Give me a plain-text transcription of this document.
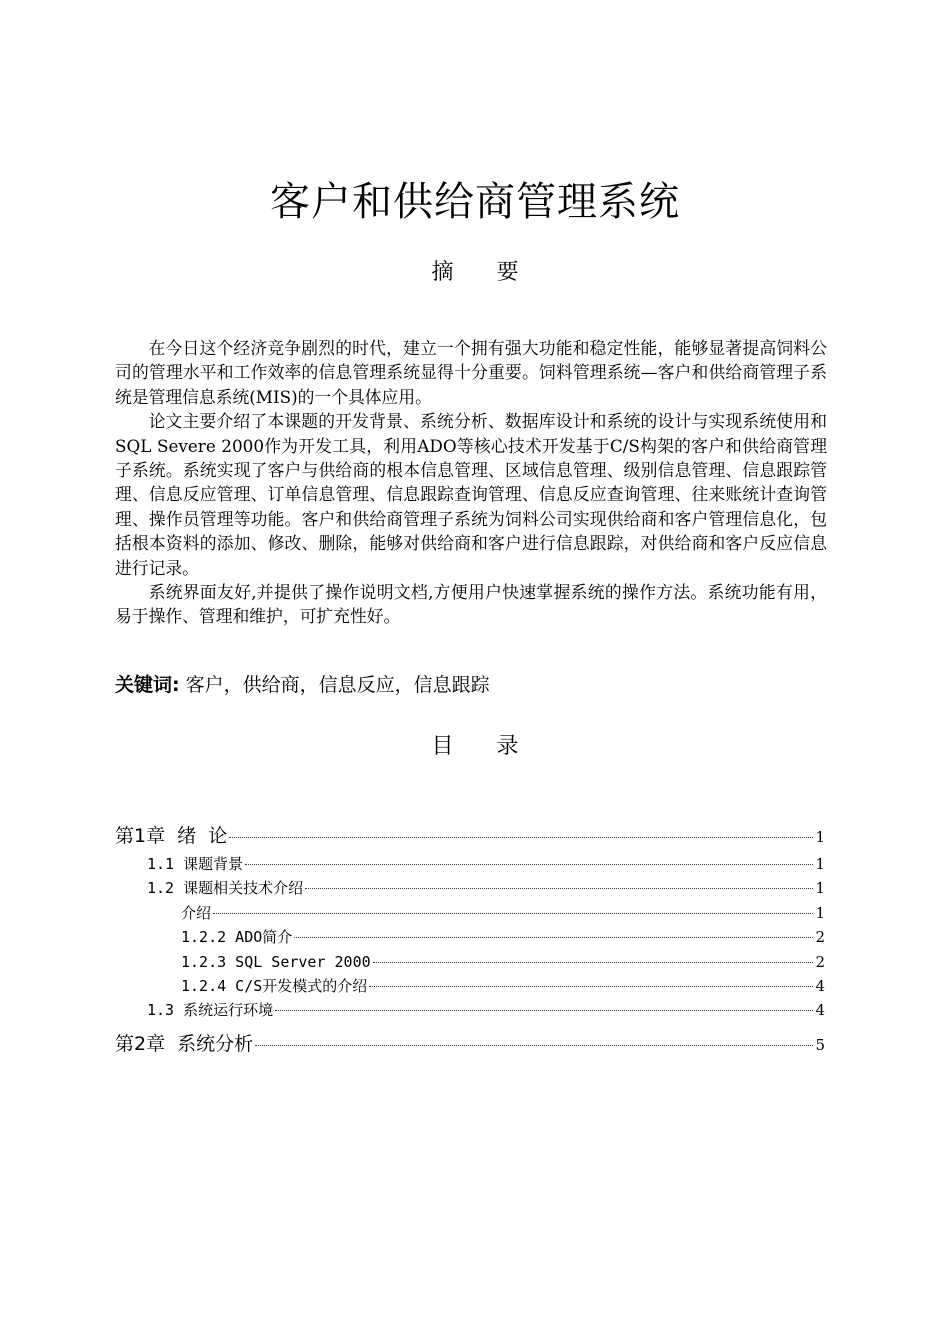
客户和供给商管理系统
摘 要

在今日这个经济竞争剧烈的时代，建立一个拥有强大功能和稳定性能，能够显著提高饲料公司的管理水平和工作效率的信息管理系统显得十分重要。饲料管理系统—客户和供给商管理子系统是管理信息系统(MIS)的一个具体应用。

论文主要介绍了本课题的开发背景、系统分析、数据库设计和系统的设计与实现系统使用和SQL Severe 2000作为开发工具，利用ADO等核心技术开发基于C/S构架的客户和供给商管理子系统。系统实现了客户与供给商的根本信息管理、区域信息管理、级别信息管理、信息跟踪管理、信息反应管理、订单信息管理、信息跟踪查询管理、信息反应查询管理、往来账统计查询管理、操作员管理等功能。客户和供给商管理子系统为饲料公司实现供给商和客户管理信息化，包括根本资料的添加、修改、删除，能够对供给商和客户进行信息跟踪，对供给商和客户反应信息进行记录。

系统界面友好,并提供了操作说明文档,方便用户快速掌握系统的操作方法。系统功能有用，易于操作、管理和维护，可扩充性好。

关键词: 客户，供给商，信息反应，信息跟踪
目 录
第1章  绪  论	1
1.1 课题背景	1
1.2 课题相关技术介绍	1
介绍	1
1.2.2 ADO简介	2
1.2.3 SQL Server 2000	2
1.2.4 C/S开发模式的介绍	4
1.3 系统运行环境	4
第2章  系统分析	5
